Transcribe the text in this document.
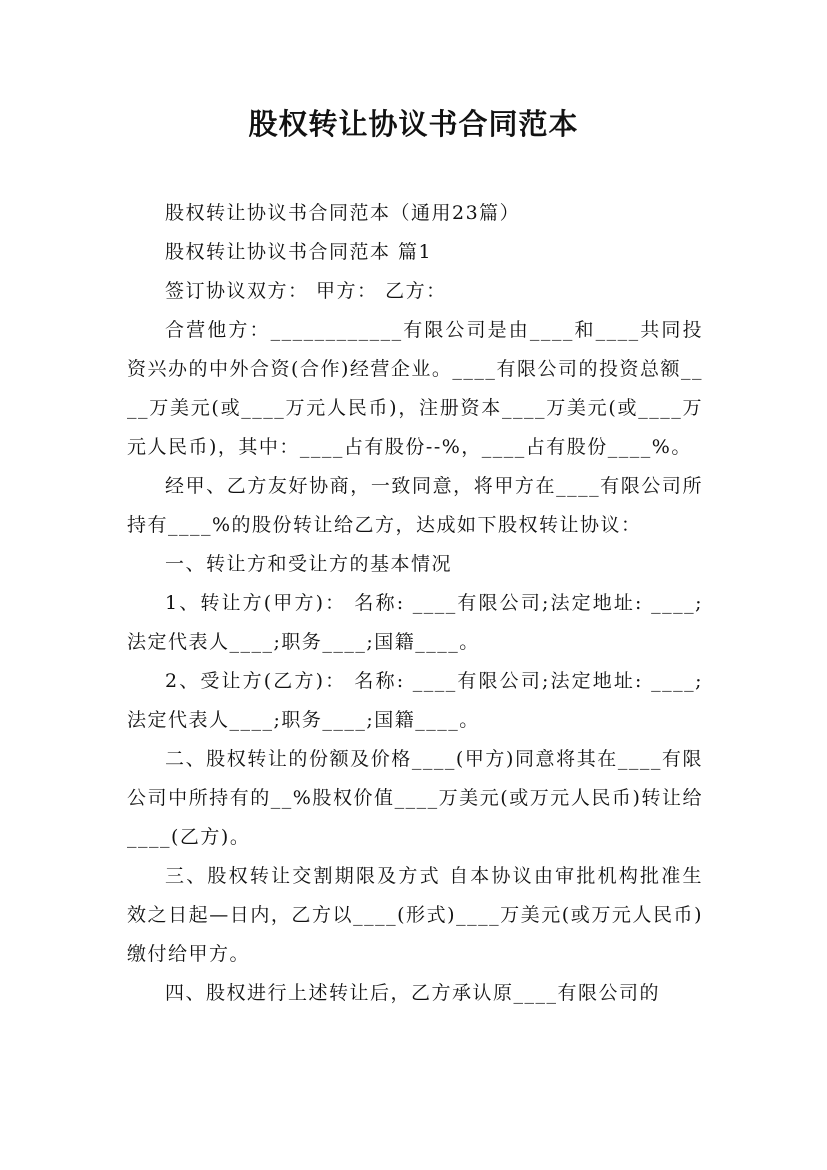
股权转让协议书合同范本

股权转让协议书合同范本（通用23篇）

股权转让协议书合同范本 篇1

签订协议双方： 甲方： 乙方：

合营他方：____________有限公司是由____和____共同投资兴办的中外合资(合作)经营企业。____有限公司的投资总额____万美元(或____万元人民币)，注册资本____万美元(或____万元人民币)，其中：____占有股份--%，____占有股份____%。

经甲、乙方友好协商，一致同意，将甲方在____有限公司所持有____%的股份转让给乙方，达成如下股权转让协议：

一、转让方和受让方的基本情况

1、转让方(甲方)： 名称: ____有限公司;法定地址: ____;法定代表人____;职务____;国籍____。

2、受让方(乙方)： 名称: ____有限公司;法定地址: ____;法定代表人____;职务____;国籍____。

二、股权转让的份额及价格____(甲方)同意将其在____有限公司中所持有的__%股权价值____万美元(或万元人民币)转让给____(乙方)。

三、股权转让交割期限及方式 自本协议由审批机构批准生效之日起—日内，乙方以____(形式)____万美元(或万元人民币)缴付给甲方。

四、股权进行上述转让后，乙方承认原____有限公司的
